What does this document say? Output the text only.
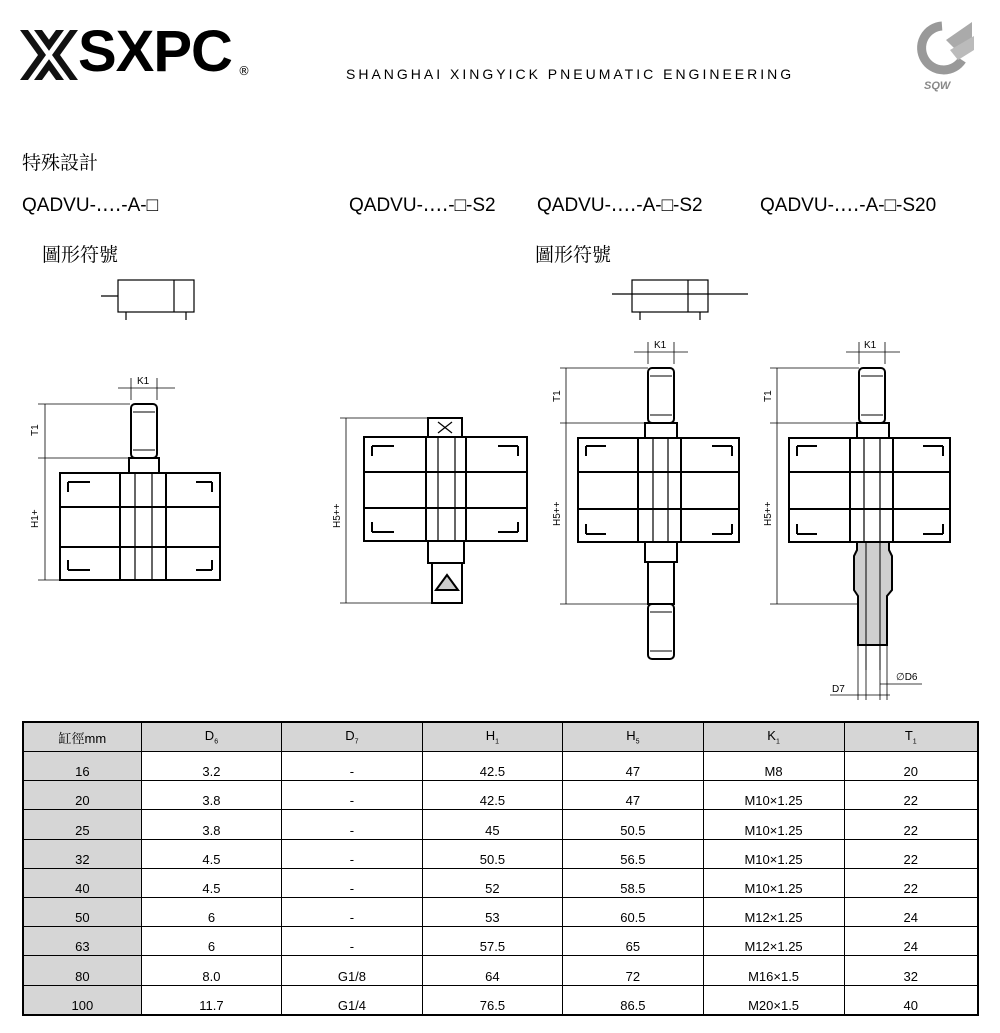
SXPC ®	SHANGHAI XINGYICK PNEUMATIC ENGINEERING
SQW
特殊設計
QADVU-‥‥-A-□	QADVU-‥‥-□-S2 QADVU-‥‥-A-□-S2	QADVU-‥‥-A-□-S20
圖形符號	圖形符號
K1
T1
H1+	H5++
K1
T1
H5++
K1
T1
H5++
∅D6
D7
缸徑mm	$D_6$	$D_7$	$H_1$	$H_5$	$K_1$	$T_1$
16	3.2	-	42.5	47	M8	20
20	3.8	-	42.5	47	M10×1.25	22
25	3.8	-	45	50.5	M10×1.25	22
32	4.5	-	50.5	56.5	M10×1.25	22
40	4.5	-	52	58.5	M10×1.25	22
50	6	-	53	60.5	M12×1.25	24
63	6	-	57.5	65	M12×1.25	24
80	8.0	G1/8	64	72	M16×1.5	32
100	11.7	G1/4	76.5	86.5	M20×1.5	40
